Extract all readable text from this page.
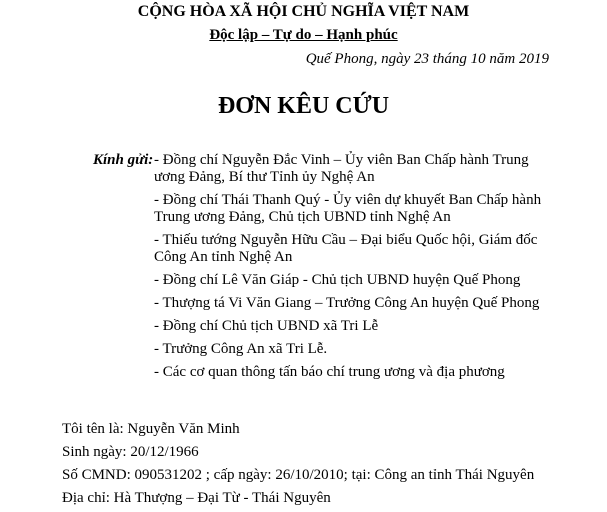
CỘNG HÒA XÃ HỘI CHỦ NGHĨA VIỆT NAM
Độc lập – Tự do – Hạnh phúc
Quế Phong, ngày 23 tháng 10 năm 2019
ĐƠN KÊU CỨU
Kính gửi: - Đồng chí Nguyễn Đắc Vinh – Ủy viên Ban Chấp hành Trung ương Đảng, Bí thư Tỉnh ủy Nghệ An
- Đồng chí Thái Thanh Quý - Ủy viên dự khuyết Ban Chấp hành Trung ương Đảng, Chủ tịch UBND tỉnh Nghệ An
- Thiếu tướng Nguyễn Hữu Cầu – Đại biểu Quốc hội, Giám đốc Công An tỉnh Nghệ An
- Đồng chí Lê Văn Giáp - Chủ tịch UBND huyện Quế Phong
- Thượng tá Vi Văn Giang – Trưởng Công An huyện Quế Phong
- Đồng chí Chủ tịch UBND xã Tri Lễ
- Trưởng Công An xã Tri Lễ.
- Các cơ quan thông tấn báo chí trung ương và địa phương
Tôi tên là: Nguyễn Văn Minh
Sinh ngày: 20/12/1966
Số CMND: 090531202 ; cấp ngày: 26/10/2010; tại: Công an tỉnh Thái Nguyên
Địa chỉ: Hà Thượng – Đại Từ - Thái Nguyên
